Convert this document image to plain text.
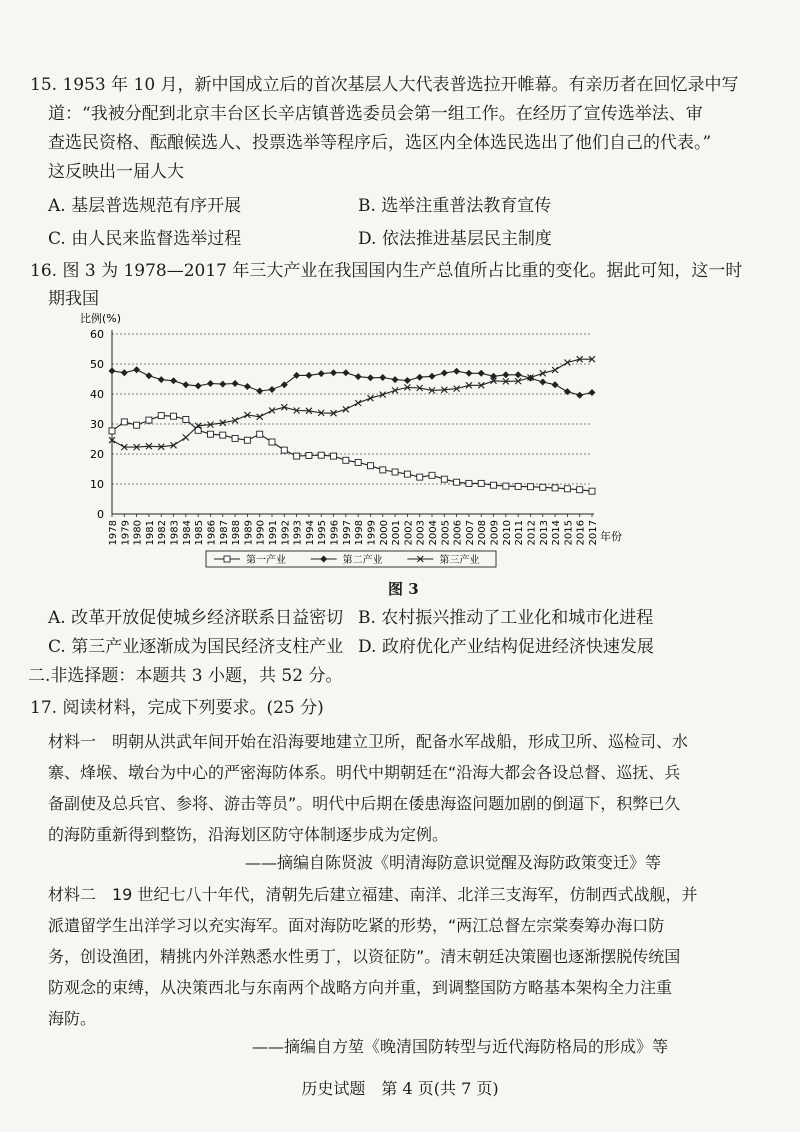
15. 1953 年 10 月，新中国成立后的首次基层人大代表普选拉开帷幕。有亲历者在回忆录中写
道：“我被分配到北京丰台区长辛店镇普选委员会第一组工作。在经历了宣传选举法、审
查选民资格、酝酿候选人、投票选举等程序后，选区内全体选民选出了他们自己的代表。”
这反映出一届人大
A. 基层普选规范有序开展	B. 选举注重普法教育宣传
C. 由人民来监督选举过程	D. 依法推进基层民主制度
16. 图 3 为 1978—2017 年三大产业在我国国内生产总值所占比重的变化。据此可知，这一时
期我国
0
10
20
30
40
50
60
1978 1979 1980 1981 1982 1983 1984 1985 1986 1987 1988 1989 1990 1991 1992 1993 1994 1995 1996 1997 1998 1999 2000 2001 2002 2003 2004 2005 2006 2007 2008 2009 2010 2011 2012 2013 2014 2015 2016 2017
第一产业	第二产业	第三产业
比例(%)
年份
图 3
A. 改革开放促使城乡经济联系日益密切 B. 农村振兴推动了工业化和城市化进程
C. 第三产业逐渐成为国民经济支柱产业 D. 政府优化产业结构促进经济快速发展
二.非选择题：本题共 3 小题，共 52 分。
17. 阅读材料，完成下列要求。(25 分)
材料一　明朝从洪武年间开始在沿海要地建立卫所，配备水军战船，形成卫所、巡检司、水
寨、烽堠、墩台为中心的严密海防体系。明代中期朝廷在“沿海大都会各设总督、巡抚、兵
备副使及总兵官、参将、游击等员”。明代中后期在倭患海盗问题加剧的倒逼下，积弊已久
的海防重新得到整饬，沿海划区防守体制逐步成为定例。
——摘编自陈贤波《明清海防意识觉醒及海防政策变迁》等
材料二　19 世纪七八十年代，清朝先后建立福建、南洋、北洋三支海军，仿制西式战舰，并
派遣留学生出洋学习以充实海军。面对海防吃紧的形势，“两江总督左宗棠奏筹办海口防
务，创设渔团，精挑内外洋熟悉水性勇丁，以资征防”。清末朝廷决策圈也逐渐摆脱传统国
防观念的束缚，从决策西北与东南两个战略方向并重，到调整国防方略基本架构全力注重
海防。
——摘编自方堃《晚清国防转型与近代海防格局的形成》等
历史试题　第 4 页(共 7 页)
